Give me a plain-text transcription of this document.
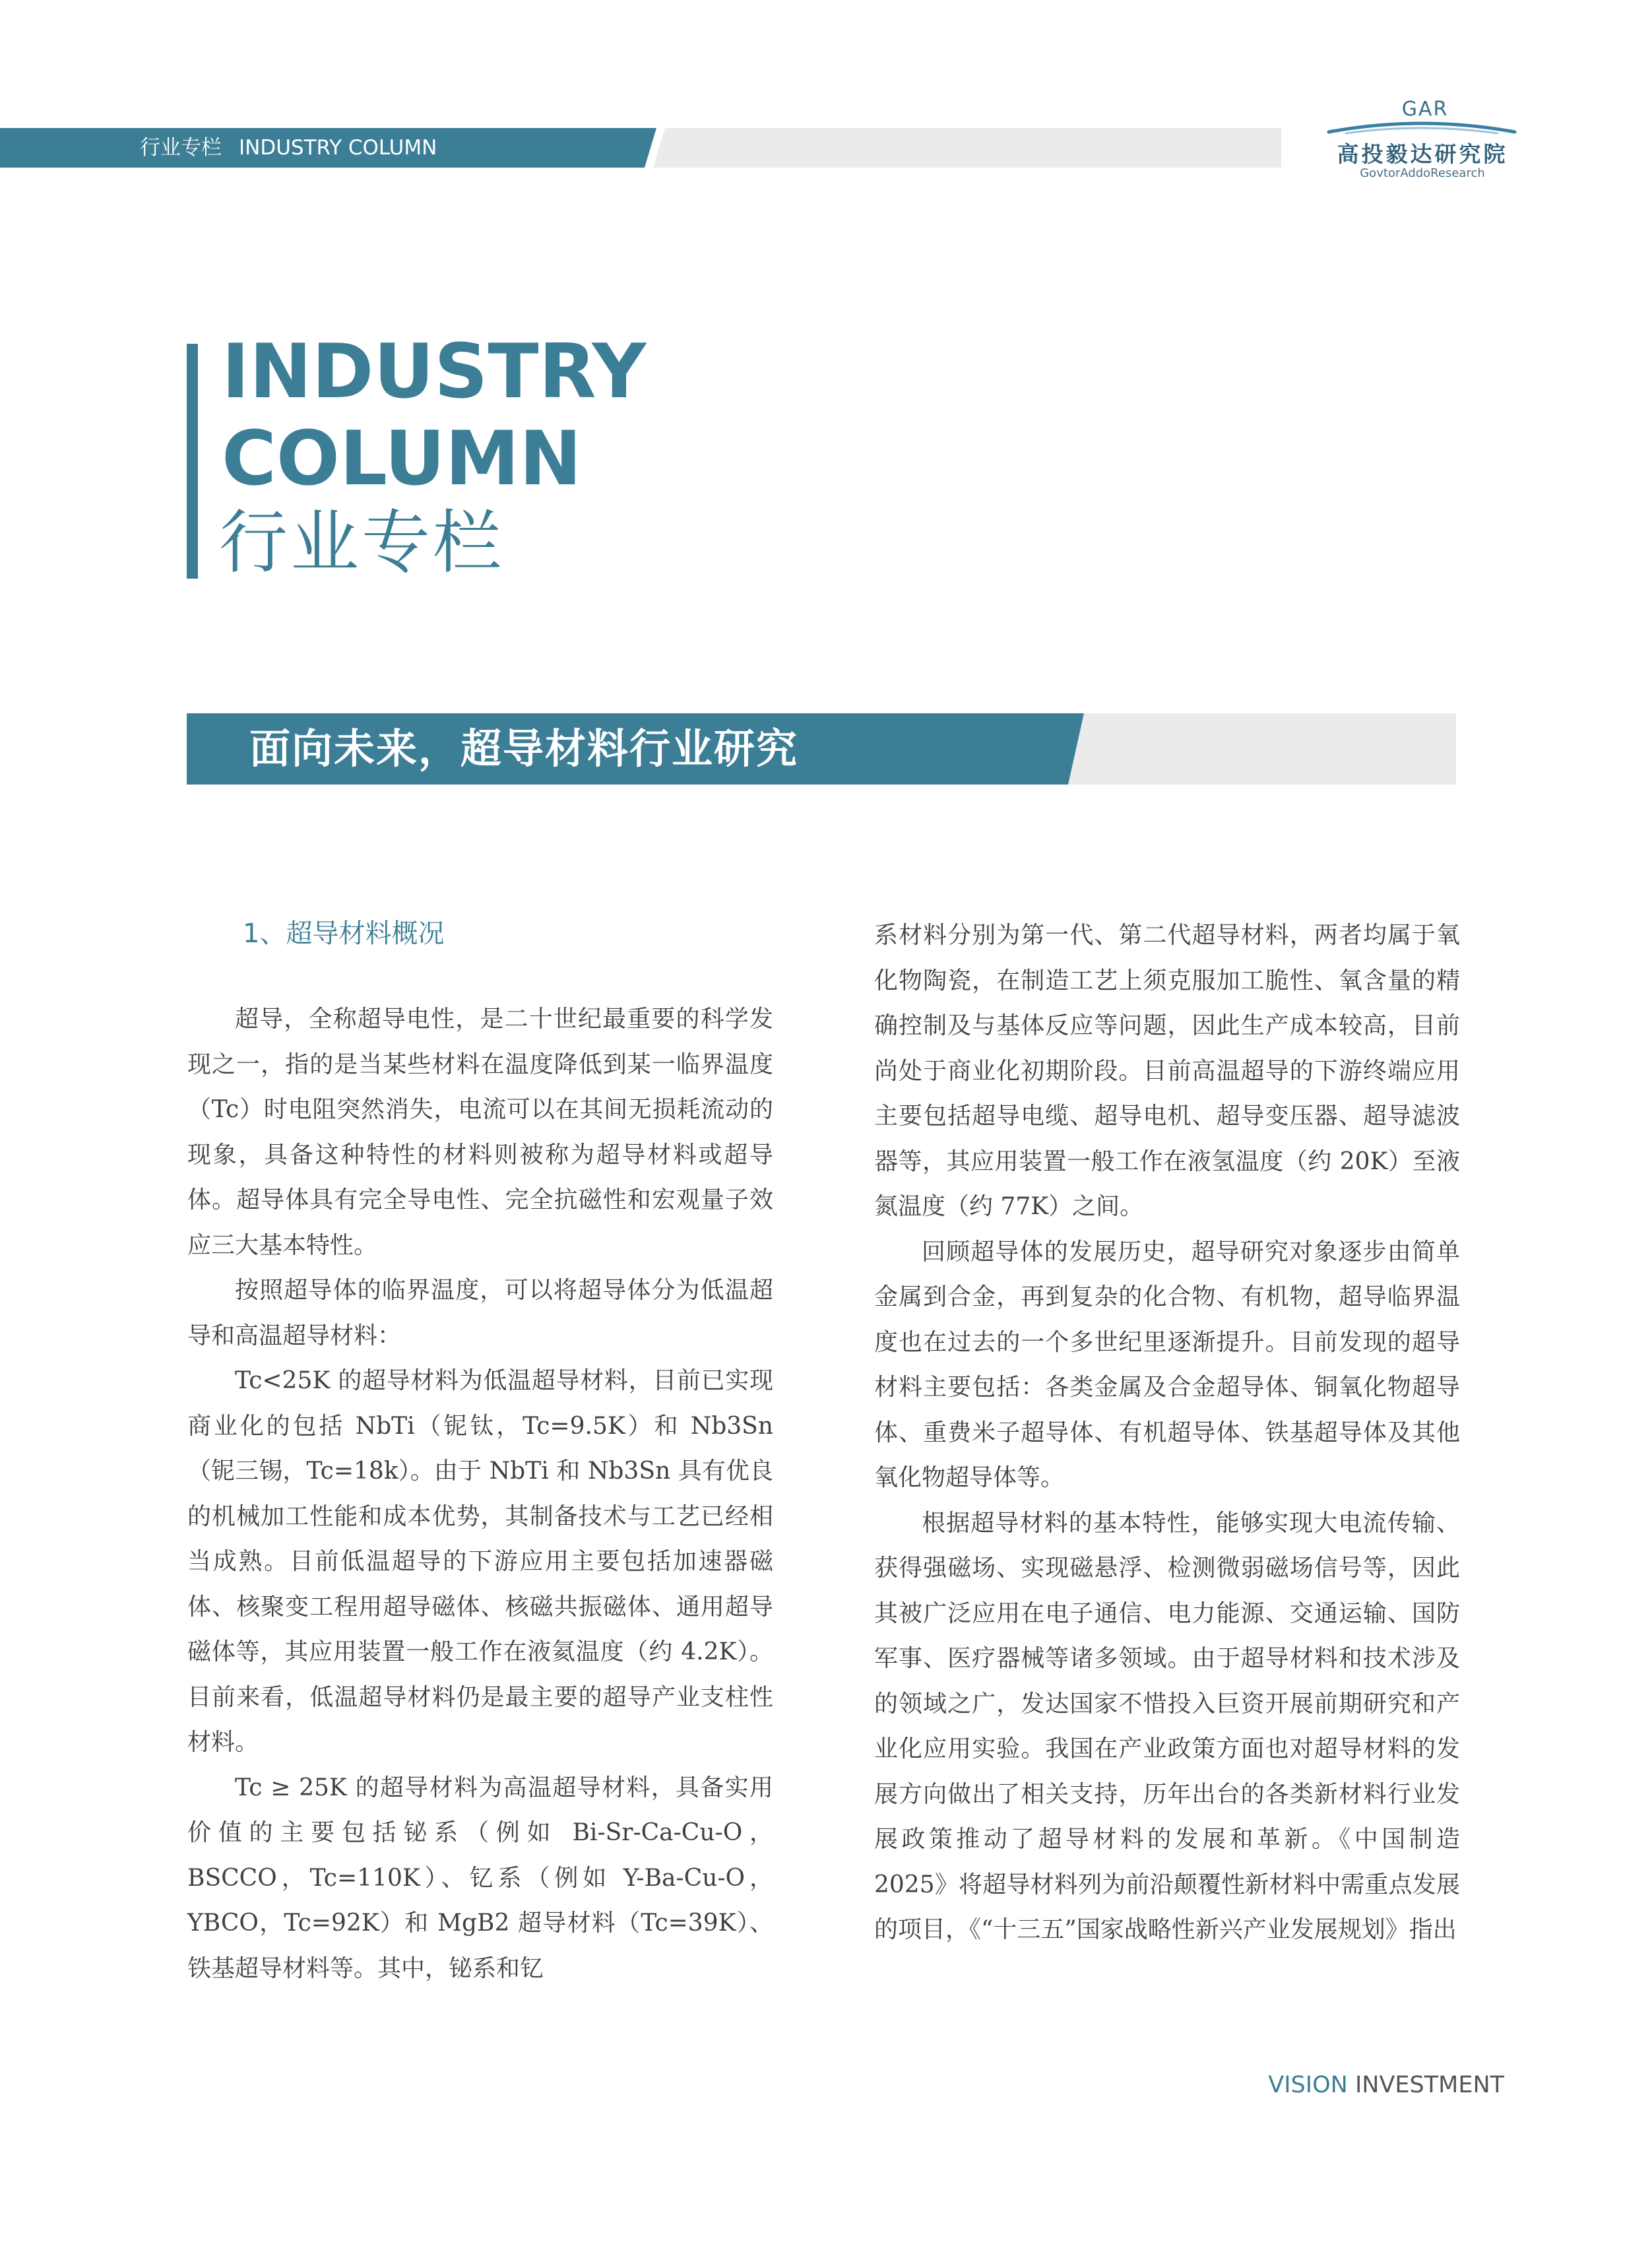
行业专栏 INDUSTRY COLUMN
GAR
高投毅达研究院
GovtorAddoResearch
INDUSTRY
COLUMN
行业专栏
面向未来，超导材料行业研究
1、超导材料概况

超导，全称超导电性，是二十世纪最重要的科学发现之一，指的是当某些材料在温度降低到某一临界温度（Tc）时电阻突然消失，电流可以在其间无损耗流动的现象，具备这种特性的材料则被称为超导材料或超导体。超导体具有完全导电性、完全抗磁性和宏观量子效应三大基本特性。

按照超导体的临界温度，可以将超导体分为低温超导和高温超导材料：

Tc<25K 的超导材料为低温超导材料，目前已实现商业化的包括 NbTi（铌钛，Tc=9.5K）和 Nb3Sn（铌三锡，Tc=18k）。由于 NbTi 和 Nb3Sn 具有优良的机械加工性能和成本优势，其制备技术与工艺已经相当成熟。目前低温超导的下游应用主要包括加速器磁体、核聚变工程用超导磁体、核磁共振磁体、通用超导磁体等，其应用装置一般工作在液氦温度（约 4.2K）。目前来看，低温超导材料仍是最主要的超导产业支柱性材料。

Tc ≥ 25K 的超导材料为高温超导材料，具备实用价值的主要包括铋系（例如 Bi-Sr-Ca-Cu-O，BSCCO，Tc=110K）、钇系（例如 Y-Ba-Cu-O，YBCO，Tc=92K）和 MgB2 超导材料（Tc=39K）、铁基超导材料等。其中，铋系和钇

系材料分别为第一代、第二代超导材料，两者均属于氧化物陶瓷，在制造工艺上须克服加工脆性、氧含量的精确控制及与基体反应等问题，因此生产成本较高，目前尚处于商业化初期阶段。目前高温超导的下游终端应用主要包括超导电缆、超导电机、超导变压器、超导滤波器等，其应用装置一般工作在液氢温度（约 20K）至液氮温度（约 77K）之间。

回顾超导体的发展历史，超导研究对象逐步由简单金属到合金，再到复杂的化合物、有机物，超导临界温度也在过去的一个多世纪里逐渐提升。目前发现的超导材料主要包括：各类金属及合金超导体、铜氧化物超导体、重费米子超导体、有机超导体、铁基超导体及其他氧化物超导体等。

根据超导材料的基本特性，能够实现大电流传输、获得强磁场、实现磁悬浮、检测微弱磁场信号等，因此其被广泛应用在电子通信、电力能源、交通运输、国防军事、医疗器械等诸多领域。由于超导材料和技术涉及的领域之广，发达国家不惜投入巨资开展前期研究和产业化应用实验。我国在产业政策方面也对超导材料的发展方向做出了相关支持，历年出台的各类新材料行业发展政策推动了超导材料的发展和革新。《中国制造 2025》将超导材料列为前沿颠覆性新材料中需重点发展的项目，《“十三五”国家战略性新兴产业发展规划》指出

VISION INVESTMENT
